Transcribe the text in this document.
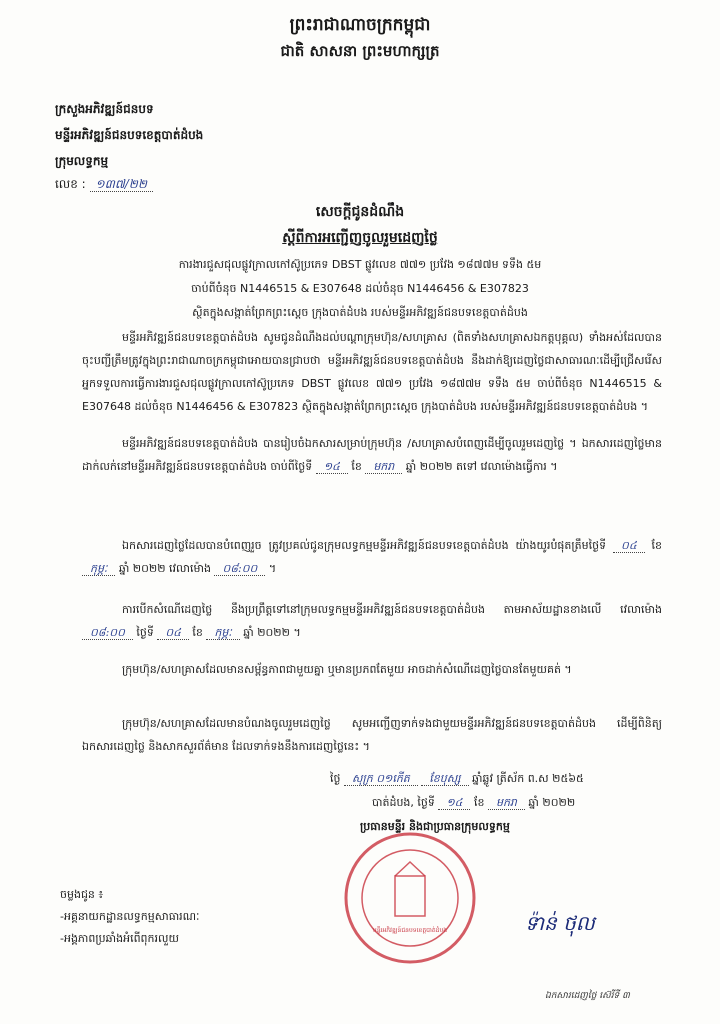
ព្រះរាជាណាចក្រកម្ពុជា
ជាតិ សាសនា ព្រះមហាក្សត្រ
ក្រសួងអភិវឌ្ឍន៍ជនបទ
មន្ទីរអភិវឌ្ឍន៍ជនបទខេត្តបាត់ដំបង
ក្រុមលទ្ធកម្ម
លេខ : ១៣៧/២២
សេចក្តីជូនដំណឹង
ស្តីពីការអញ្ជើញចូលរួមដេញថ្លៃ
ការងារជួសជុលផ្លូវក្រាលកៅស៊ូប្រភេទ DBST ផ្លូវលេខ ៧៧១ ប្រវែង ១៨៧៧ម ទទឹង ៥ម
ចាប់ពីចំនុច N1446515 & E307648 ដល់ចំនុច N1446456 & E307823
ស្ថិតក្នុងសង្កាត់ព្រែកព្រះស្តេច ក្រុងបាត់ដំបង របស់មន្ទីរអភិវឌ្ឍន៍ជនបទខេត្តបាត់ដំបង
មន្ទីរអភិវឌ្ឍន៍ជនបទខេត្តបាត់ដំបង សូមជូនដំណឹងដល់បណ្តាក្រុមហ៊ុន/សហគ្រាស (ពិតទាំងសហគ្រាសឯកត្តបុគ្គល) ទាំងអស់ដែលបានចុះបញ្ជីត្រឹមត្រូវក្នុងព្រះរាជាណាចក្រកម្ពុជាអោយបានជ្រាបថា មន្ទីរអភិវឌ្ឍន៍ជនបទខេត្តបាត់ដំបង នឹងដាក់ឱ្យដេញថ្លៃជាសាធារណៈដើម្បីជ្រើសរើសអ្នកទទួលការធ្វើការងារជួសជុលផ្លូវក្រាលកៅស៊ូប្រភេទ DBST ផ្លូវលេខ ៧៧១ ប្រវែង ១៨៧៧ម ទទឹង ៥ម ចាប់ពីចំនុច N1446515 & E307648 ដល់ចំនុច N1446456 & E307823 ស្ថិតក្នុងសង្កាត់ព្រែកព្រះស្តេច ក្រុងបាត់ដំបង របស់មន្ទីរអភិវឌ្ឍន៍ជនបទខេត្តបាត់ដំបង ។
មន្ទីរអភិវឌ្ឍន៍ជនបទខេត្តបាត់ដំបង បានរៀបចំឯកសារសម្រាប់ក្រុមហ៊ុន /សហគ្រាសបំពេញដើម្បីចូលរួមដេញថ្លៃ ។ ឯកសារដេញថ្លៃមានដាក់លក់នៅមន្ទីរអភិវឌ្ឍន៍ជនបទខេត្តបាត់ដំបង ចាប់ពីថ្ងៃទី ១៤ ខែ មករា ឆ្នាំ ២០២២ តទៅ វេលាម៉ោងធ្វើការ ។
ឯកសារដេញថ្លៃដែលបានបំពេញរួច ត្រូវប្រគល់ជូនក្រុមលទ្ធកម្មមន្ទីរអភិវឌ្ឍន៍ជនបទខេត្តបាត់ដំបង យ៉ាងយូរបំផុតត្រឹមថ្ងៃទី ០៤ ខែ កុម្ភៈ ឆ្នាំ ២០២២ វេលាម៉ោង ០៨:០០ ។
ការបើកសំណើដេញថ្លៃ នឹងប្រព្រឹត្តទៅនៅក្រុមលទ្ធកម្មមន្ទីរអភិវឌ្ឍន៍ជនបទខេត្តបាត់ដំបង តាមអាស័យដ្ឋានខាងលើ វេលាម៉ោង ០៨:០០ ថ្ងៃទី ០៤ ខែ កុម្ភៈ ឆ្នាំ ២០២២ ។
ក្រុមហ៊ុន/សហគ្រាសដែលមានសម្ព័ន្ធភាពជាមួយគ្នា ឬមានប្រភពតែមួយ អាចដាក់សំណើដេញថ្លៃបានតែមួយគត់ ។
ក្រុមហ៊ុន/សហគ្រាសដែលមានបំណងចូលរួមដេញថ្លៃ សូមអញ្ជើញទាក់ទងជាមួយមន្ទីរអភិវឌ្ឍន៍ជនបទខេត្តបាត់ដំបង ដើម្បីពិនិត្យឯកសារដេញថ្លៃ និងសាកសួរព័ត៌មាន ដែលទាក់ទងនឹងការដេញថ្លៃនេះ ។
ថ្ងៃ សុក្រ ០១កើត ខែបុស្ស ឆ្នាំឆ្លូវ ត្រីស័ក ព.ស ២៥៦៥
បាត់ដំបង, ថ្ងៃទី ១៤ ខែ មករា ឆ្នាំ ២០២២
ប្រធានមន្ទីរ និងជាប្រធានក្រុមលទ្ធកម្ម
មន្ទីរអភិវឌ្ឍន៍ជនបទខេត្តបាត់ដំបង	ទ៉ាន់ ថុល
ចម្លងជូន ៖
-អគ្គនាយកដ្ឋានលទ្ធកម្មសាធារណៈ
-អង្គភាពប្រឆាំងអំពើពុករលួយ
ឯកសារដេញថ្លៃ ស៊េរីទី ៣
